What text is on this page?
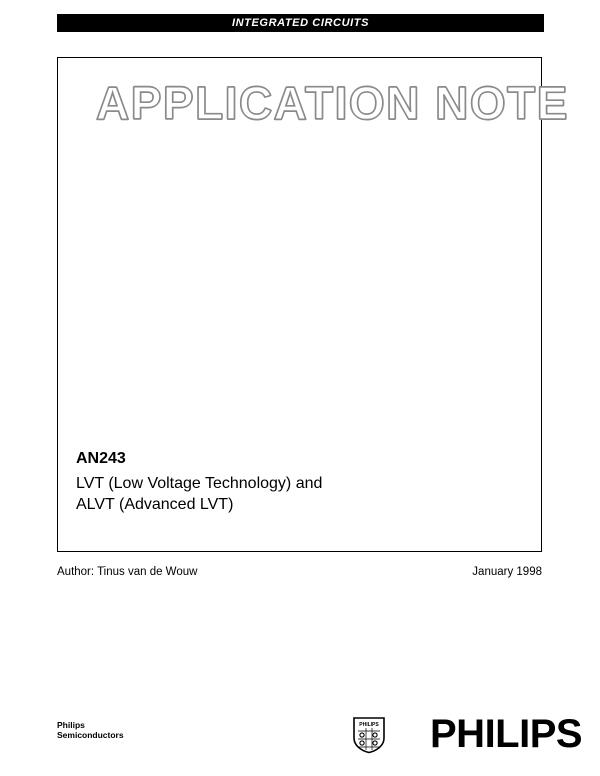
INTEGRATED CIRCUITS
APPLICATION NOTE
AN243
LVT (Low Voltage Technology) and
ALVT (Advanced LVT)
Author: Tinus van de Wouw	January 1998
Philips
Semiconductors
PHILIPS PHILIPS
